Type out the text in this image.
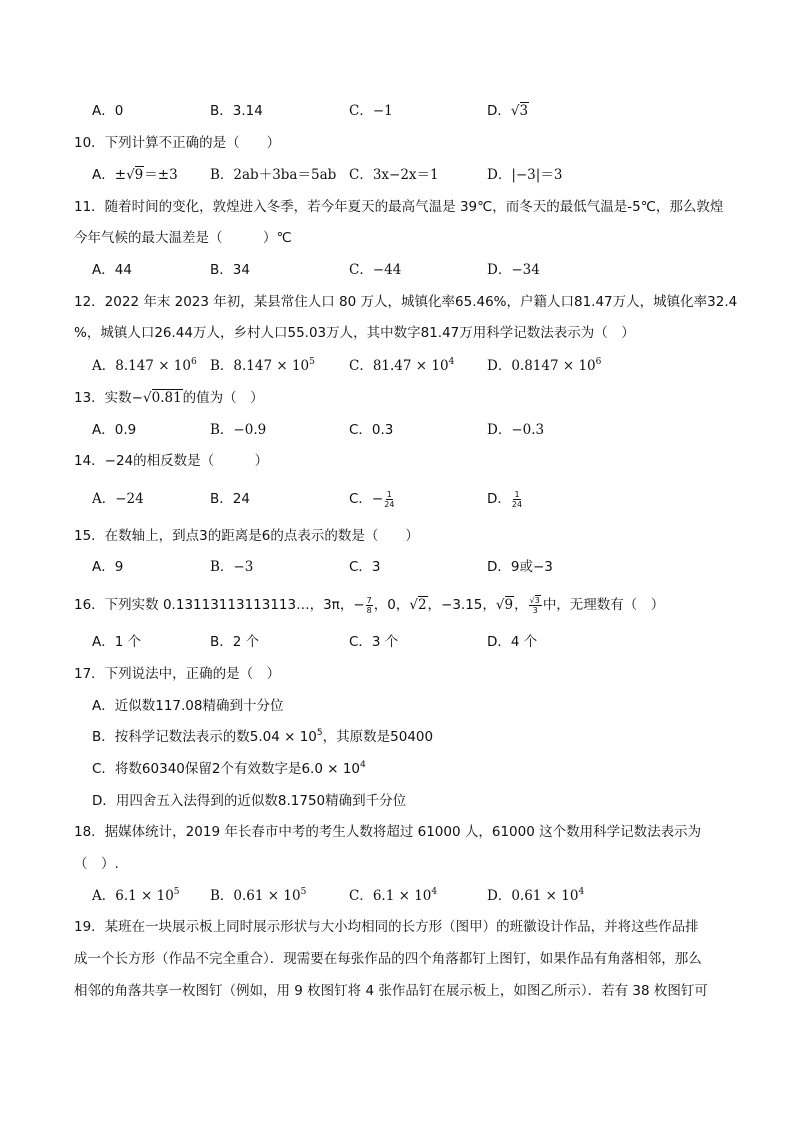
A．0	B．3.14	C．−1	D．√3
10．下列计算不正确的是（　　）
A．±√9＝±3 B．2ab＋3ba＝5ab C．3x−2x＝1	D．|−3|＝3
11．随着时间的变化，敦煌进入冬季，若今年夏天的最高气温是 39℃，而冬天的最低气温是-5℃，那么敦煌
今年气候的最大温差是（　　　）℃
A．44	B．34	C．−44	D．−34
12．2022 年末 2023 年初，某县常住人口 80 万人，城镇化率65.46%，户籍人口81.47万人，城镇化率32.4
%，城镇人口26.44万人，乡村人口55.03万人，其中数字81.47万用科学记数法表示为（　）
A．$8.147 \times 10^6$ B．$8.147 \times 10^5$	C．$81.47 \times 10^4$ D．$0.8147 \times 10^6$
13．实数−√0.81的值为（　）
A．0.9	B．−0.9	C．0.3	D．−0.3
14．−24的相反数是（　　　）
A．−24	B．24	C．− $\frac{1}{24}$	D． $\frac{1}{24}$
15．在数轴上，到点3的距离是6的点表示的数是（　　）
A．9	B．−3	C．3	D．9或−3
16．下列实数 0.13113113113113…，3π，− $\frac{7}{8}$ ，0，√2，−3.15，√9， $\frac{√3}{3}$ 中，无理数有（　）
A．1 个	B．2 个	C．3 个	D．4 个
17．下列说法中，正确的是（　）
A．近似数117.08精确到十分位
B．按科学记数法表示的数$5.04 \times 10^5$，其原数是50400
C．将数60340保留2个有效数字是$6.0 \times 10^4$
D．用四舍五入法得到的近似数8.1750精确到千分位
18．据媒体统计，2019 年长春市中考的考生人数将超过 61000 人，61000 这个数用科学记数法表示为
（　）.
A．$6.1 \times 10^5$ B．$0.61 \times 10^5$	C．$6.1 \times 10^4$	D．$0.61 \times 10^4$
19．某班在一块展示板上同时展示形状与大小均相同的长方形（图甲）的班徽设计作品，并将这些作品排
成一个长方形（作品不完全重合）．现需要在每张作品的四个角落都钉上图钉，如果作品有角落相邻，那么
相邻的角落共享一枚图钉（例如，用 9 枚图钉将 4 张作品钉在展示板上，如图乙所示）．若有 38 枚图钉可
